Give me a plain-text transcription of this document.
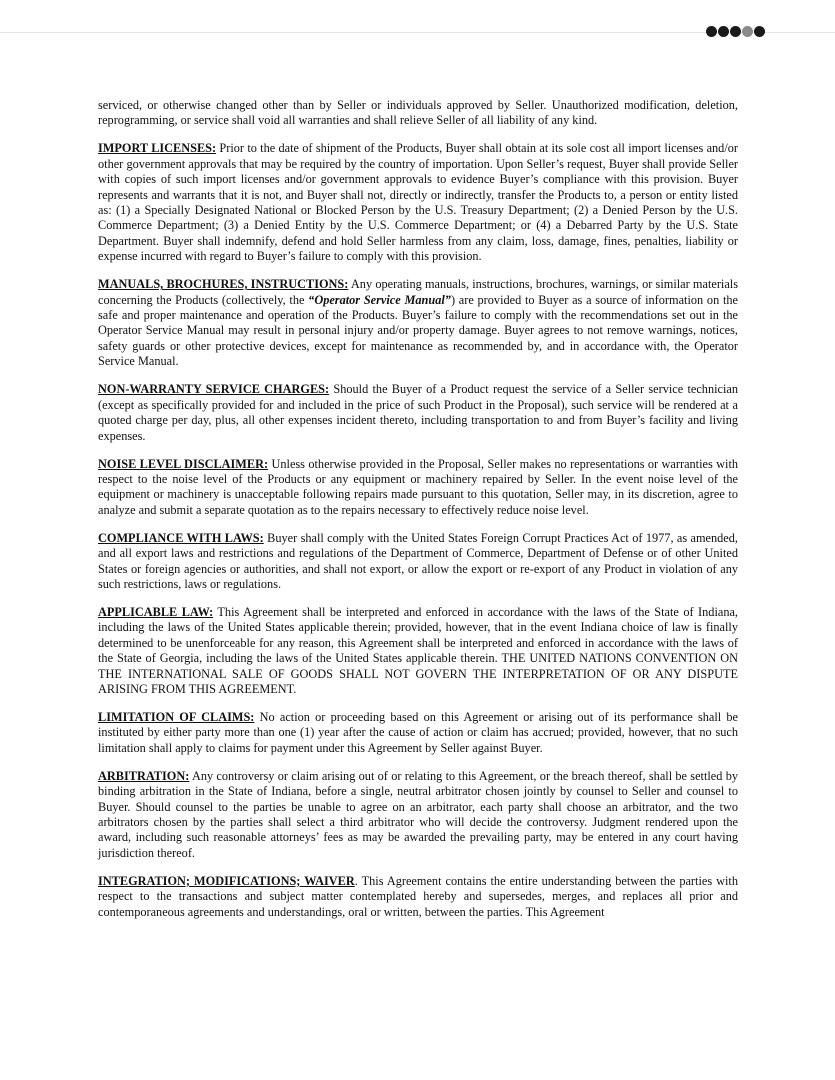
serviced, or otherwise changed other than by Seller or individuals approved by Seller. Unauthorized modification, deletion, reprogramming, or service shall void all warranties and shall relieve Seller of all liability of any kind.

IMPORT LICENSES: Prior to the date of shipment of the Products, Buyer shall obtain at its sole cost all import licenses and/or other government approvals that may be required by the country of importation. Upon Seller’s request, Buyer shall provide Seller with copies of such import licenses and/or government approvals to evidence Buyer’s compliance with this provision. Buyer represents and warrants that it is not, and Buyer shall not, directly or indirectly, transfer the Products to, a person or entity listed as: (1) a Specially Designated National or Blocked Person by the U.S. Treasury Department; (2) a Denied Person by the U.S. Commerce Department; (3) a Denied Entity by the U.S. Commerce Department; or (4) a Debarred Party by the U.S. State Department. Buyer shall indemnify, defend and hold Seller harmless from any claim, loss, damage, fines, penalties, liability or expense incurred with regard to Buyer’s failure to comply with this provision.

MANUALS, BROCHURES, INSTRUCTIONS: Any operating manuals, instructions, brochures, warnings, or similar materials concerning the Products (collectively, the “Operator Service Manual”) are provided to Buyer as a source of information on the safe and proper maintenance and operation of the Products. Buyer’s failure to comply with the recommendations set out in the Operator Service Manual may result in personal injury and/or property damage. Buyer agrees to not remove warnings, notices, safety guards or other protective devices, except for maintenance as recommended by, and in accordance with, the Operator Service Manual.

NON-WARRANTY SERVICE CHARGES: Should the Buyer of a Product request the service of a Seller service technician (except as specifically provided for and included in the price of such Product in the Proposal), such service will be rendered at a quoted charge per day, plus, all other expenses incident thereto, including transportation to and from Buyer’s facility and living expenses.

NOISE LEVEL DISCLAIMER: Unless otherwise provided in the Proposal, Seller makes no representations or warranties with respect to the noise level of the Products or any equipment or machinery repaired by Seller. In the event noise level of the equipment or machinery is unacceptable following repairs made pursuant to this quotation, Seller may, in its discretion, agree to analyze and submit a separate quotation as to the repairs necessary to effectively reduce noise level.

COMPLIANCE WITH LAWS: Buyer shall comply with the United States Foreign Corrupt Practices Act of 1977, as amended, and all export laws and restrictions and regulations of the Department of Commerce, Department of Defense or of other United States or foreign agencies or authorities, and shall not export, or allow the export or re-export of any Product in violation of any such restrictions, laws or regulations.

APPLICABLE LAW: This Agreement shall be interpreted and enforced in accordance with the laws of the State of Indiana, including the laws of the United States applicable therein; provided, however, that in the event Indiana choice of law is finally determined to be unenforceable for any reason, this Agreement shall be interpreted and enforced in accordance with the laws of the State of Georgia, including the laws of the United States applicable therein. THE UNITED NATIONS CONVENTION ON THE INTERNATIONAL SALE OF GOODS SHALL NOT GOVERN THE INTERPRETATION OF OR ANY DISPUTE ARISING FROM THIS AGREEMENT.

LIMITATION OF CLAIMS: No action or proceeding based on this Agreement or arising out of its performance shall be instituted by either party more than one (1) year after the cause of action or claim has accrued; provided, however, that no such limitation shall apply to claims for payment under this Agreement by Seller against Buyer.

ARBITRATION: Any controversy or claim arising out of or relating to this Agreement, or the breach thereof, shall be settled by binding arbitration in the State of Indiana, before a single, neutral arbitrator chosen jointly by counsel to Seller and counsel to Buyer. Should counsel to the parties be unable to agree on an arbitrator, each party shall choose an arbitrator, and the two arbitrators chosen by the parties shall select a third arbitrator who will decide the controversy. Judgment rendered upon the award, including such reasonable attorneys’ fees as may be awarded the prevailing party, may be entered in any court having jurisdiction thereof.

INTEGRATION; MODIFICATIONS; WAIVER. This Agreement contains the entire understanding between the parties with respect to the transactions and subject matter contemplated hereby and supersedes, merges, and replaces all prior and contemporaneous agreements and understandings, oral or written, between the parties. This Agreement
